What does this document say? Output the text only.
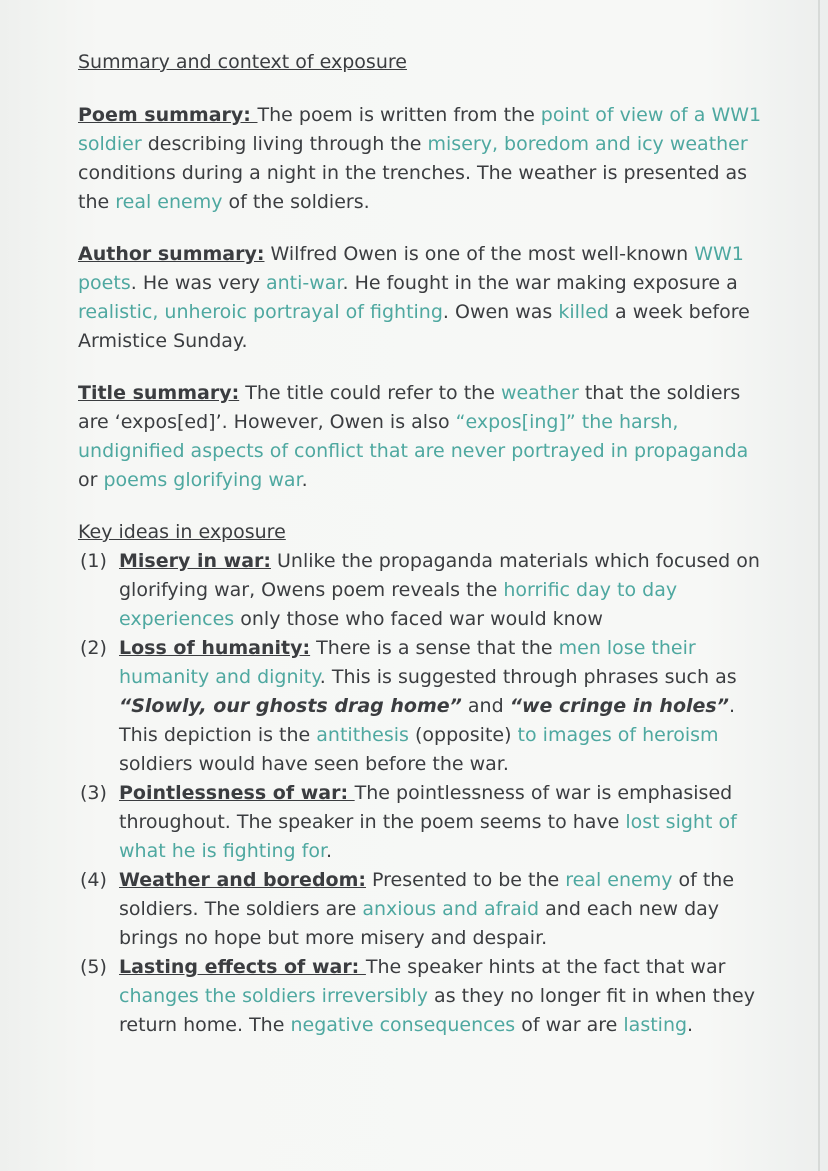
Summary and context of exposure

Poem summary: The poem is written from the point of view of a WW1 soldier describing living through the misery, boredom and icy weather conditions during a night in the trenches. The weather is presented as the real enemy of the soldiers.

Author summary: Wilfred Owen is one of the most well-known WW1 poets. He was very anti-war. He fought in the war making exposure a realistic, unheroic portrayal of fighting. Owen was killed a week before Armistice Sunday.

Title summary: The title could refer to the weather that the soldiers are ‘expos[ed]’. However, Owen is also “expos[ing]” the harsh, undignified aspects of conflict that are never portrayed in propaganda or poems glorifying war.

Key ideas in exposure

(1) Misery in war: Unlike the propaganda materials which focused on glorifying war, Owens poem reveals the horrific day to day experiences only those who faced war would know

(2) Loss of humanity: There is a sense that the men lose their humanity and dignity. This is suggested through phrases such as “Slowly, our ghosts drag home” and “we cringe in holes”. This depiction is the antithesis (opposite) to images of heroism soldiers would have seen before the war.

(3) Pointlessness of war: The pointlessness of war is emphasised throughout. The speaker in the poem seems to have lost sight of what he is fighting for.

(4) Weather and boredom: Presented to be the real enemy of the soldiers. The soldiers are anxious and afraid and each new day brings no hope but more misery and despair.

(5) Lasting effects of war: The speaker hints at the fact that war changes the soldiers irreversibly as they no longer fit in when they return home. The negative consequences of war are lasting.
